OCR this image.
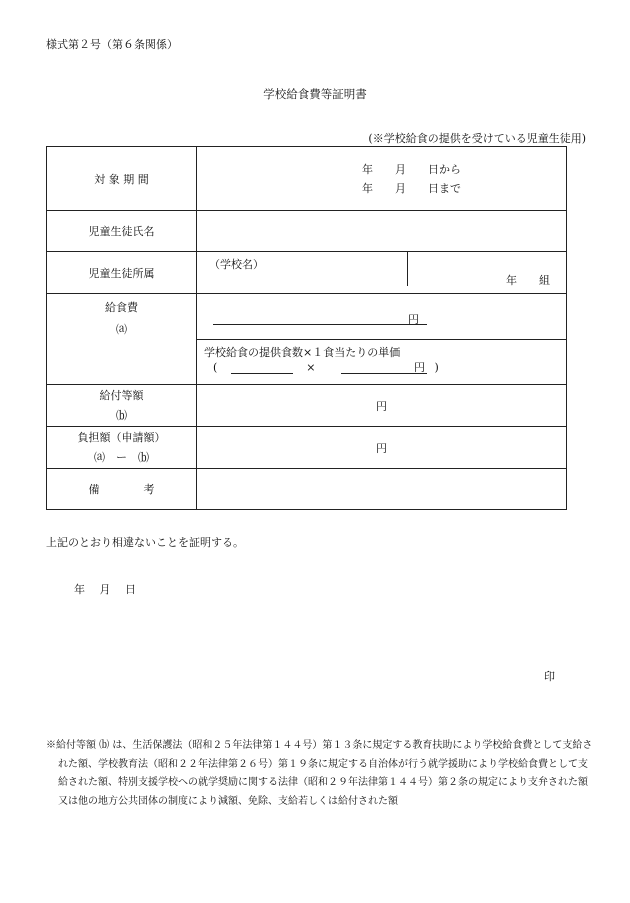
様式第２号（第６条関係）
学校給食費等証明書
(※学校給食の提供を受けている児童生徒用)
対 象 期 間	年　　月　　日から
年　　月　　日まで

児童生徒氏名	
児童生徒所属	（学校名）
年　　組

給食費
⒜	円

	学校給食の提供食数×１食当たりの単価
( × 円 )

給付等額
⒝	円

負担額（申請額）
⒜　ー　⒝	円
備　　　　考	
上記のとおり相違ないことを証明する。
年　 月　 日
印

※給付等額 ⒝ は、生活保護法（昭和２５年法律第１４４号）第１３条に規定する教育扶助により学校給食費として支給された額、学校教育法（昭和２２年法律第２６号）第１９条に規定する自治体が行う就学援助により学校給食費として支給された額、特別支援学校への就学奨励に関する法律（昭和２９年法律第１４４号）第２条の規定により支弁された額又は他の地方公共団体の制度により減額、免除、支給若しくは給付された額
